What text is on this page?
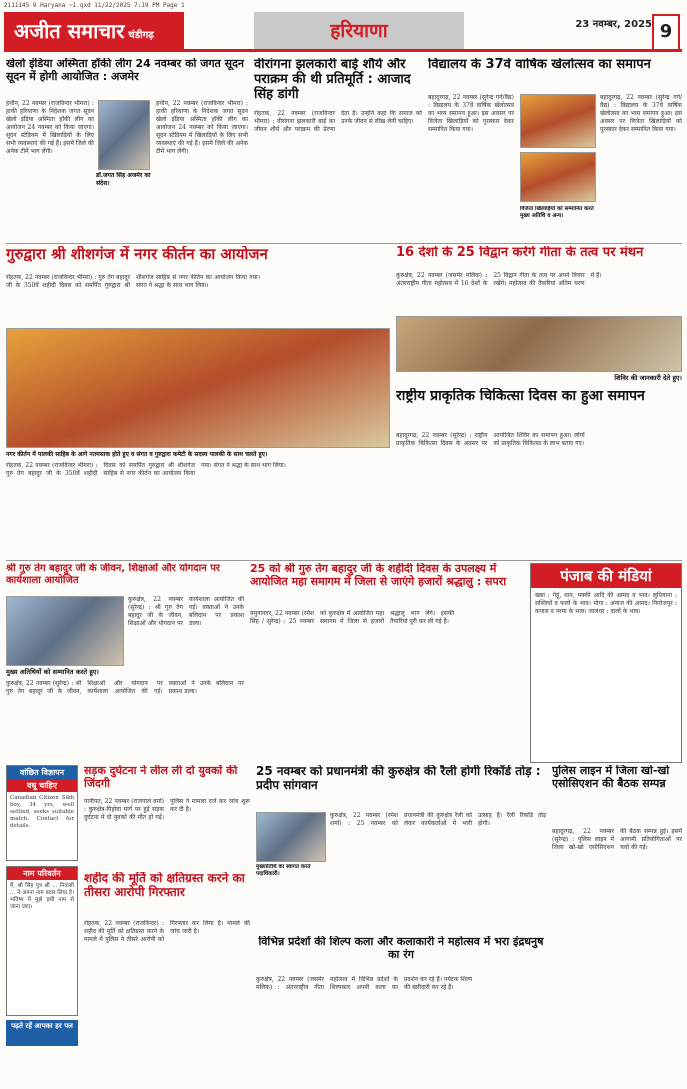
2111145 9 Haryana ~1.qxd 11/22/2025 7:19 PM Page 1
अजीत समाचार चंडीगढ़	हरियाणा	23 नवम्बर, 2025 9
खेलो इंडिया अस्मिता हॉकी लीग 24 नवम्बर को जगत सूदन सूदन में होगी आयोजित : अजमेर

हथीन, 22 नवम्बर (राजविन्दर भीमरा) : हाकी हरियाणा के निदेशक जगत सूदन खेलो इंडिया अस्मिता हॉकी लीग का आयोजन 24 नवम्बर को किया जाएगा। सूदन स्टेडियम में खिलाड़ियों के लिए सभी व्यवस्थाएं की गई हैं। इसमें जिले की अनेक टीमें भाग लेंगी।

डॉ.जगत सिंह अजमेर का संदेश।

हथीन, 22 नवम्बर (राजविन्दर भीमरा) : हाकी हरियाणा के निदेशक जगत सूदन खेलो इंडिया अस्मिता हॉकी लीग का आयोजन 24 नवम्बर को किया जाएगा। सूदन स्टेडियम में खिलाड़ियों के लिए सभी व्यवस्थाएं की गई हैं। इसमें जिले की अनेक टीमें भाग लेंगी।

वीरांगना झलकारी बाई शौर्य और पराक्रम की थी प्रतिमूर्ति : आजाद सिंह डांगी

रोहतक, 22 नवम्बर (राजविन्दर भीमरा) : वीरांगना झलकारी बाई का जीवन शौर्य और पराक्रम की प्रेरणा देता है। उन्होंने कहा कि समाज को उनके जीवन से सीख लेनी चाहिए।

विद्यालय के 37वें वार्षिक खेलोत्सव का समापन

बहादुरगढ़, 22 नवम्बर (सुरेन्द्र गर्ग/वैद्य) : विद्यालय के 37वें वार्षिक खेलोत्सव का भव्य समापन हुआ। इस अवसर पर विजेता खिलाड़ियों को पुरस्कार देकर सम्मानित किया गया।

विजेता खिलाड़ियों को सम्मानित करते मुख्य अतिथि व अन्य।

बहादुरगढ़, 22 नवम्बर (सुरेन्द्र गर्ग/वैद्य) : विद्यालय के 37वें वार्षिक खेलोत्सव का भव्य समापन हुआ। इस अवसर पर विजेता खिलाड़ियों को पुरस्कार देकर सम्मानित किया गया।

गुरुद्वारा श्री शीशगंज में नगर कीर्तन का आयोजन

रोहतक, 22 नवम्बर (राजविन्दर भीमरा) : गुरु तेग बहादुर जी के 350वें शहीदी दिवस को समर्पित गुरुद्वारा श्री शीशगंज साहिब से नगर कीर्तन का आयोजन किया गया। संगत ने श्रद्धा के साथ भाग लिया।

नगर कीर्तन में पालकी साहिब के आगे नतमस्तक होते हुए व संगत व गुरुद्वारा कमेटी के सदस्य पालकी के साथ चलते हुए।

रोहतक, 22 नवम्बर (राजविन्दर भीमरा) : गुरु तेग बहादुर जी के 350वें शहीदी दिवस को समर्पित गुरुद्वारा श्री शीशगंज साहिब से नगर कीर्तन का आयोजन किया गया। संगत ने श्रद्धा के साथ भाग लिया।

16 देशों के 25 विद्वान करेंगे गीता के तत्व पर मंथन

कुरुक्षेत्र, 22 नवम्बर (जसमेर मलिक) : अंतरराष्ट्रीय गीता महोत्सव में 16 देशों के 25 विद्वान गीता के तत्व पर अपने विचार रखेंगे। महोत्सव की तैयारियां अंतिम चरण में हैं।

शिविर की जानकारी देते हुए।
राष्ट्रीय प्राकृतिक चिकित्सा दिवस का हुआ समापन

बहादुरगढ़, 22 नवम्बर (सुरेन्द्र) : राष्ट्रीय प्राकृतिक चिकित्सा दिवस के अवसर पर आयोजित शिविर का समापन हुआ। लोगों को प्राकृतिक चिकित्सा के लाभ बताए गए।

श्री गुरु तेग बहादुर जी के जीवन, शिक्षाओं और योगदान पर कार्यशाला आयोजित
मुख्य अतिथियों को सम्मानित करते हुए।

कुरुक्षेत्र, 22 नवम्बर (सुरेन्द्र) : श्री गुरु तेग बहादुर जी के जीवन, शिक्षाओं और योगदान पर कार्यशाला आयोजित की गई। वक्ताओं ने उनके बलिदान पर प्रकाश डाला।

कुरुक्षेत्र, 22 नवम्बर (सुरेन्द्र) : श्री गुरु तेग बहादुर जी के जीवन, शिक्षाओं और योगदान पर कार्यशाला आयोजित की गई। वक्ताओं ने उनके बलिदान पर प्रकाश डाला।

25 को श्री गुरु तेग बहादुर जी के शहीदी दिवस के उपलक्ष्य में आयोजित महा समागम में जिला से जाएंगे हजारों श्रद्धालु : सपरा

यमुनानगर, 22 नवम्बर (रमेश सिंह / सुरेन्द्र) : 25 नवम्बर को कुरुक्षेत्र में आयोजित महा समागम में जिला से हजारों श्रद्धालु भाग लेंगे। इसकी तैयारियां पूरी कर ली गई हैं।

पंजाब की मंडियां

खन्ना : गेहूं, धान, मक्की आदि की आमद व भाव। लुधियाना : सब्जियों व फलों के भाव। मोगा : अनाज की आमद। फिरोजपुर : कपास व नरमा के भाव। जालंधर : दालों के भाव।

वांछित विज्ञापन
वधू चाहिए

Canadian Citizen Sikh boy, 34 yrs, well settled, seeks suitable match. Contact for details.

नाम परिवर्तन

मैं, श्री सिंह पुत्र श्री ... निवासी ... ने अपना नाम बदल लिया है। भविष्य में मुझे इसी नाम से जाना जाए।

पढ़ते रहें आपका हर पल
सड़क दुर्घटना ने लील ली दो युवकों की जिंदगी

पानीपत, 22 नवम्बर (राजपाल वर्मा) : कुरुक्षेत्र-पिहोवा मार्ग पर हुई सड़क दुर्घटना में दो युवकों की मौत हो गई। पुलिस ने मामला दर्ज कर जांच शुरू कर दी है।

25 नवम्बर को प्रधानमंत्री की कुरुक्षेत्र की रैली होगी रिकॉर्ड तोड़ : प्रदीप सांगवान
मुख्यातिथि का स्वागत करते पदाधिकारी।

कुरुक्षेत्र, 22 नवम्बर (रमेश शर्मा) : 25 नवम्बर को प्रधानमंत्री की कुरुक्षेत्र रैली को लेकर कार्यकर्ताओं में भारी उत्साह है। रैली रिकॉर्ड तोड़ होगी।

पुलिस लाइन में जिला खो-खो एसोसिएशन की बैठक सम्पन्न

बहादुरगढ़, 22 नवम्बर (सुरेन्द्र) : पुलिस लाइन में जिला खो-खो एसोसिएशन की बैठक सम्पन्न हुई। इसमें आगामी प्रतियोगिताओं पर चर्चा की गई।

शहीद की मूर्ति को क्षतिग्रस्त करने का तीसरा आरोपी गिरफ्तार

रोहतक, 22 नवम्बर (राजविन्दर) : शहीद की मूर्ति को क्षतिग्रस्त करने के मामले में पुलिस ने तीसरे आरोपी को गिरफ्तार कर लिया है। मामले की जांच जारी है।

विभिन्न प्रदेशों की शिल्प कला और कलाकारी ने महोत्सव में भरा इंद्रधनुष का रंग

कुरुक्षेत्र, 22 नवम्बर (जसमेर मलिक) : अंतरराष्ट्रीय गीता महोत्सव में विभिन्न प्रदेशों के शिल्पकार अपनी कला का प्रदर्शन कर रहे हैं। पर्यटक शिल्प की खरीदारी कर रहे हैं।
